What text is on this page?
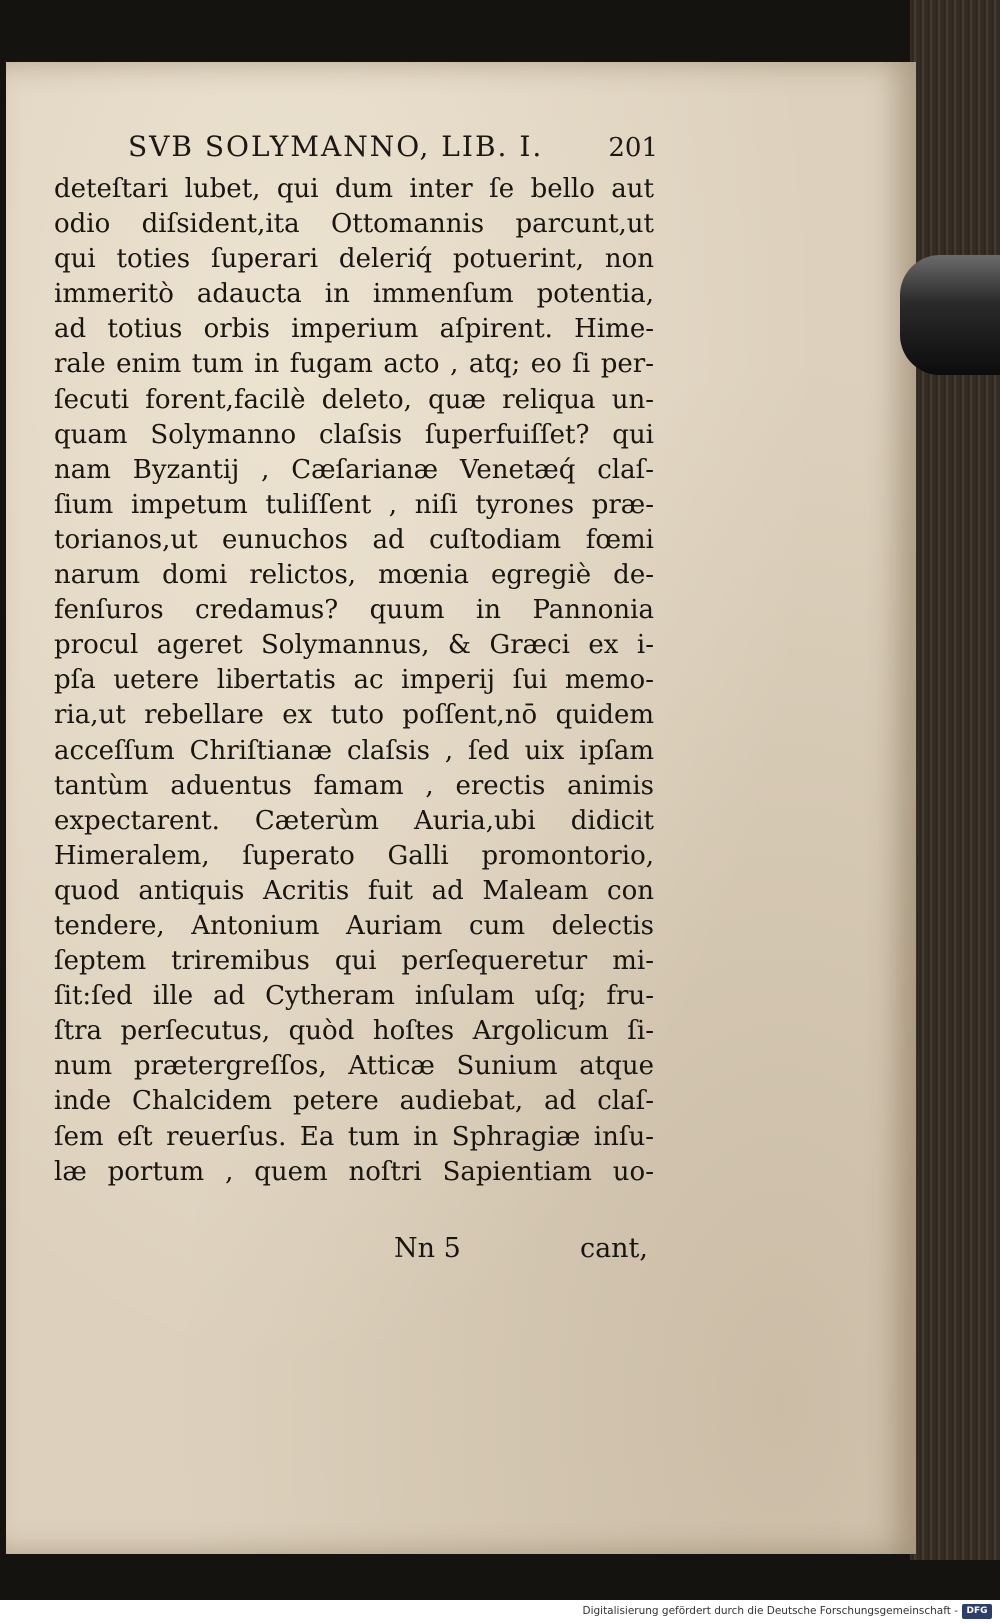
SVB SOLYMANNO, LIB. I.	201
deteſtari lubet, qui dum inter ſe bello aut
odio diſsident,ita Ottomannis parcunt,ut
qui toties ſuperari deleriq́ potuerint, non
immeritò adaucta in immenſum potentia,
ad totius orbis imperium aſpirent. Hime-
rale enim tum in fugam acto , atq; eo ſi per-
ſecuti forent,facilè deleto, quæ reliqua un-
quam Solymanno claſsis ſuperfuiſſet? qui
nam Byzantij , Cæſarianæ Venetæq́ claſ-
ſium impetum tuliſſent , niſi tyrones præ-
torianos,ut eunuchos ad cuſtodiam fœmi
narum domi relictos, mœnia egregiè de-
fenſuros credamus? quum in Pannonia
procul ageret Solymannus, & Græci ex i-
pſa uetere libertatis ac imperij ſui memo-
ria,ut rebellare ex tuto poſſent,nō quidem
acceſſum Chriſtianæ claſsis , ſed uix ipſam
tantùm aduentus famam , erectis animis
expectarent. Cæterùm Auria,ubi didicit
Himeralem, ſuperato Galli promontorio,
quod antiquis Acritis fuit ad Maleam con
tendere, Antonium Auriam cum delectis
ſeptem triremibus qui perſequeretur mi-
ſit:ſed ille ad Cytheram inſulam uſq; fru-
ſtra perſecutus, quòd hoſtes Argolicum ſi-
num prætergreſſos, Atticæ Sunium atque
inde Chalcidem petere audiebat, ad claſ-
ſem eſt reuerſus. Ea tum in Sphragiæ inſu-
læ portum , quem noſtri Sapientiam uo-
Nn 5	cant,
Digitalisierung gefördert durch die Deutsche Forschungsgemeinschaft - DFG
